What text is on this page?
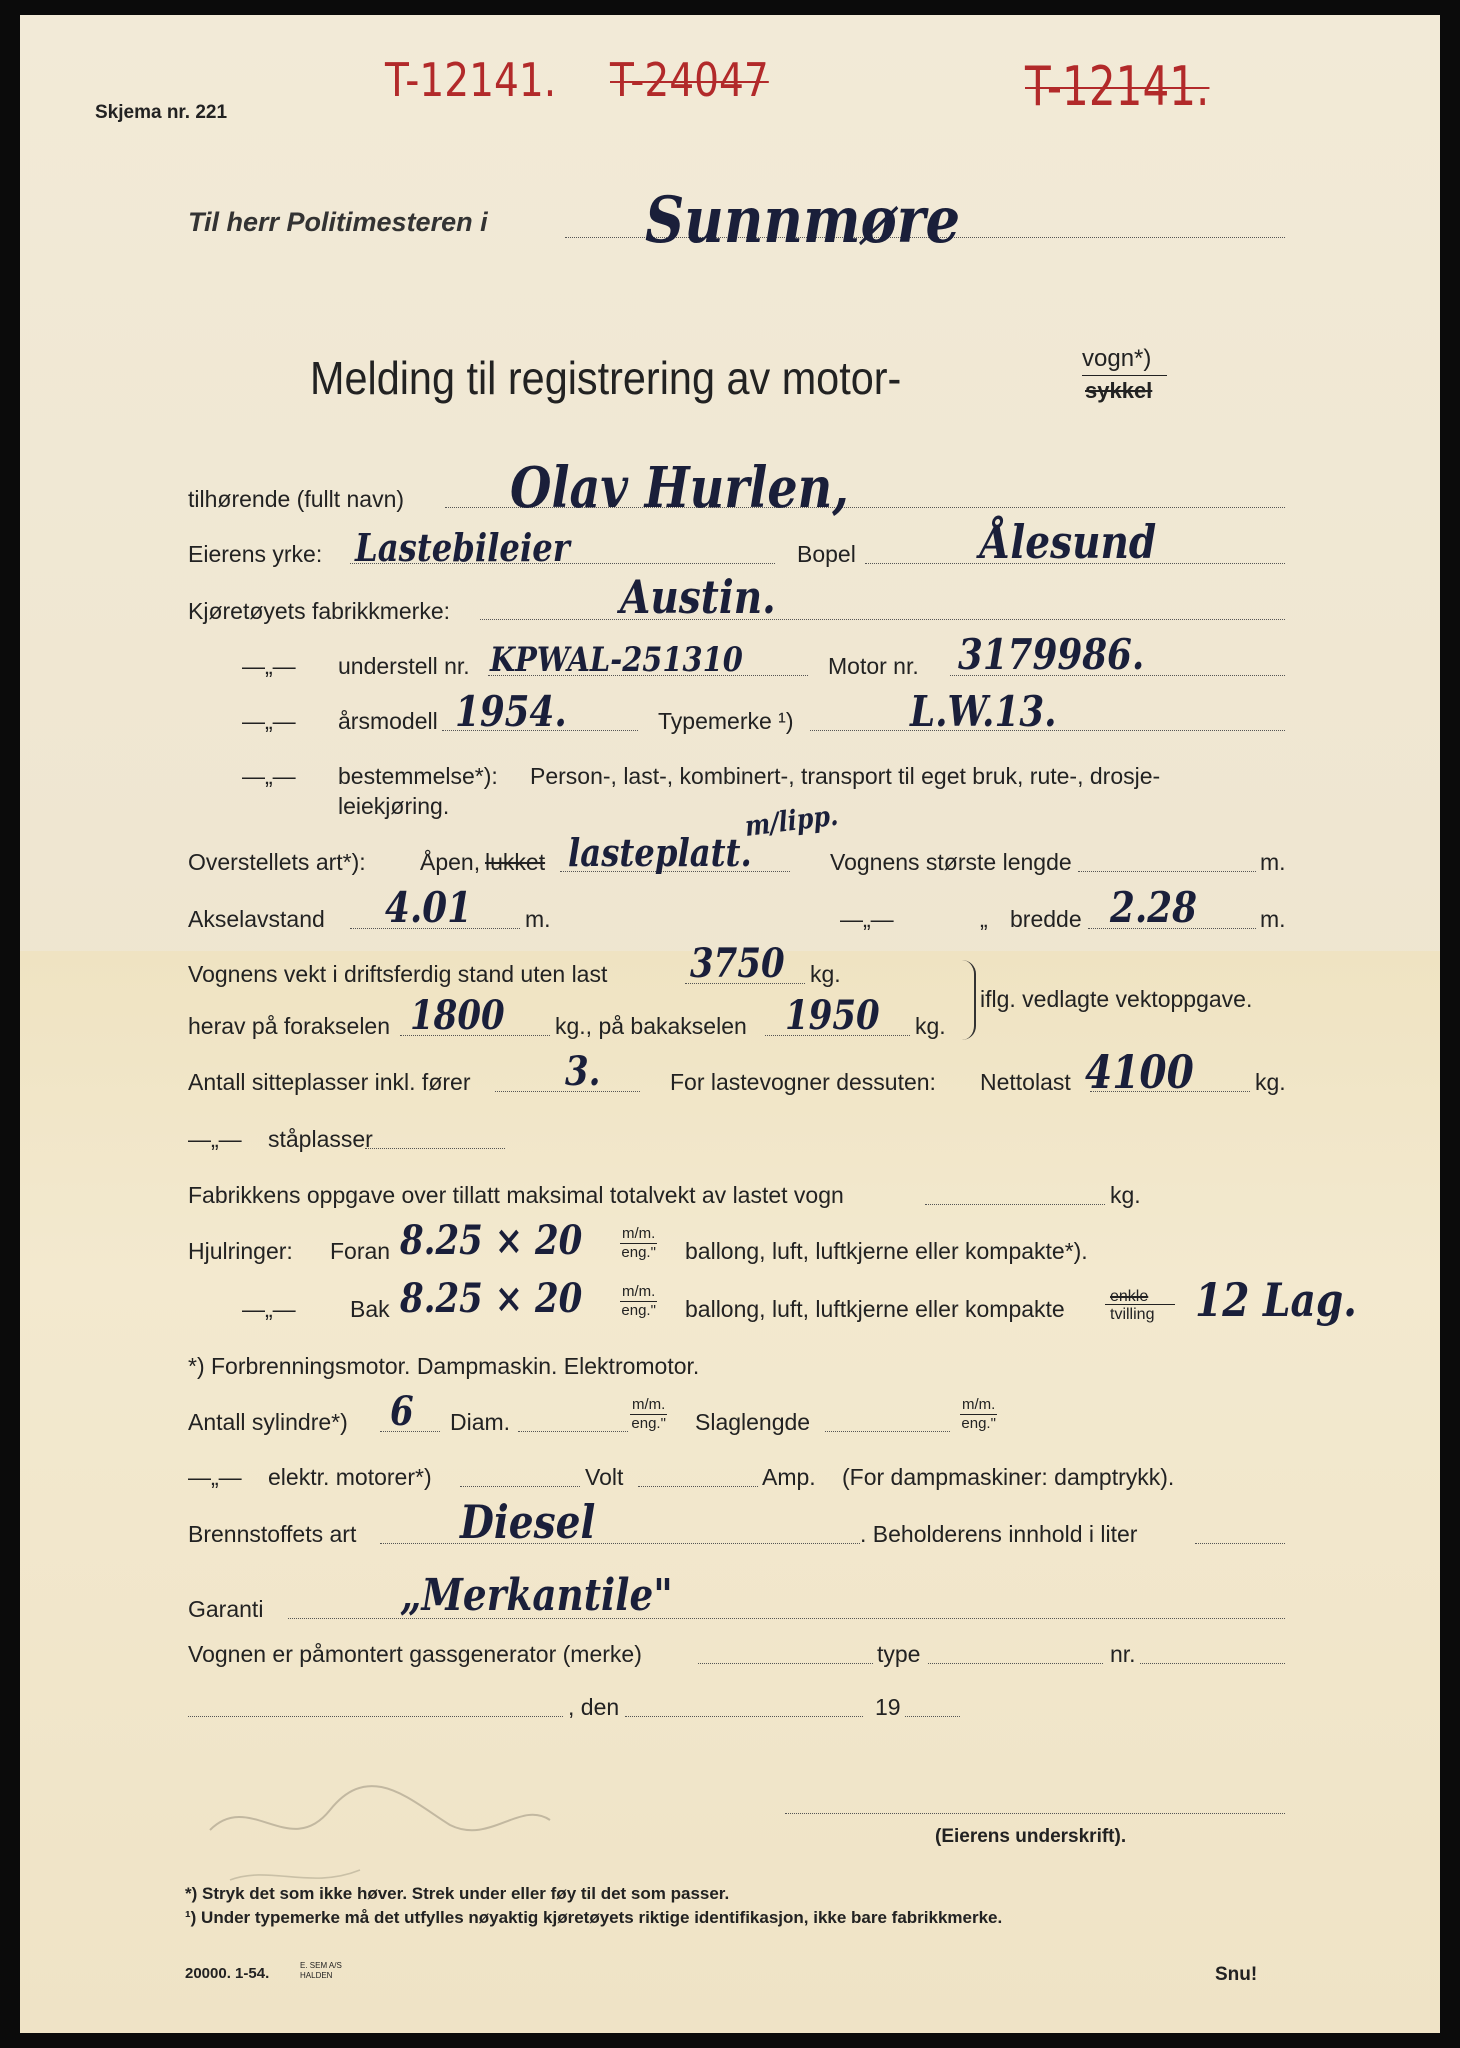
Skjema nr. 221
T-12141. T-24047	T-12141.
Til herr Politimesteren i Sunnmøre
Melding til registrering av motor-	vogn*)
sykkel
tilhørende (fullt navn) Olav Hurlen,
Eierens yrke: Lastebileier	Bopel	Ålesund
Kjøretøyets fabrikkmerke:	Austin.
—„— understell nr. KPWAL-251310	Motor nr. 3179986.
—„— årsmodell 1954.	Typemerke ¹)	L.W.13.
—„— bestemmelse*): Person-, last-, kombinert-, transport til eget bruk, rute-, drosje-
leiekjøring.
Overstellets art*): Åpen, lukket lasteplatt.
m/lipp.
Vognens største lengde	m.
Akselavstand 4.01 m.	—„—	„ bredde 2.28	m.
Vognens vekt i driftsferdig stand uten last 3750 kg.
herav på forakselen 1800 kg., på bakakselen 1950 kg.
iflg. vedlagte vektoppgave.
Antall sitteplasser inkl. fører 3.	For lastevogner dessuten: Nettolast 4100	kg.
—„— ståplasser
Fabrikkens oppgave over tillatt maksimal totalvekt av lastet vogn	kg.
Hjulringer: Foran 8.25 × 20	m/m.
eng." ballong, luft, luftkjerne eller kompakte*).
—„— Bak 8.25 × 20	m/m.
eng." ballong, luft, luftkjerne eller kompakte	enkle
tvilling 12 Lag.
*) Forbrenningsmotor. Dampmaskin. Elektromotor.
Antall sylindre*) 6 Diam.
m/m.
eng." Slaglengde
m/m.
eng."
—„— elektr. motorer*)	Volt	Amp. (For dampmaskiner: damptrykk).
Brennstoffets art Diesel	. Beholderens innhold i liter
Garanti	„Merkantile"
Vognen er påmontert gassgenerator (merke)	type	nr.
, den	19
(Eierens underskrift).
*) Stryk det som ikke høver. Strek under eller føy til det som passer.
¹) Under typemerke må det utfylles nøyaktig kjøretøyets riktige identifikasjon, ikke bare fabrikkmerke.
20000. 1-54.	E. SEM A/S HALDEN	Snu!
